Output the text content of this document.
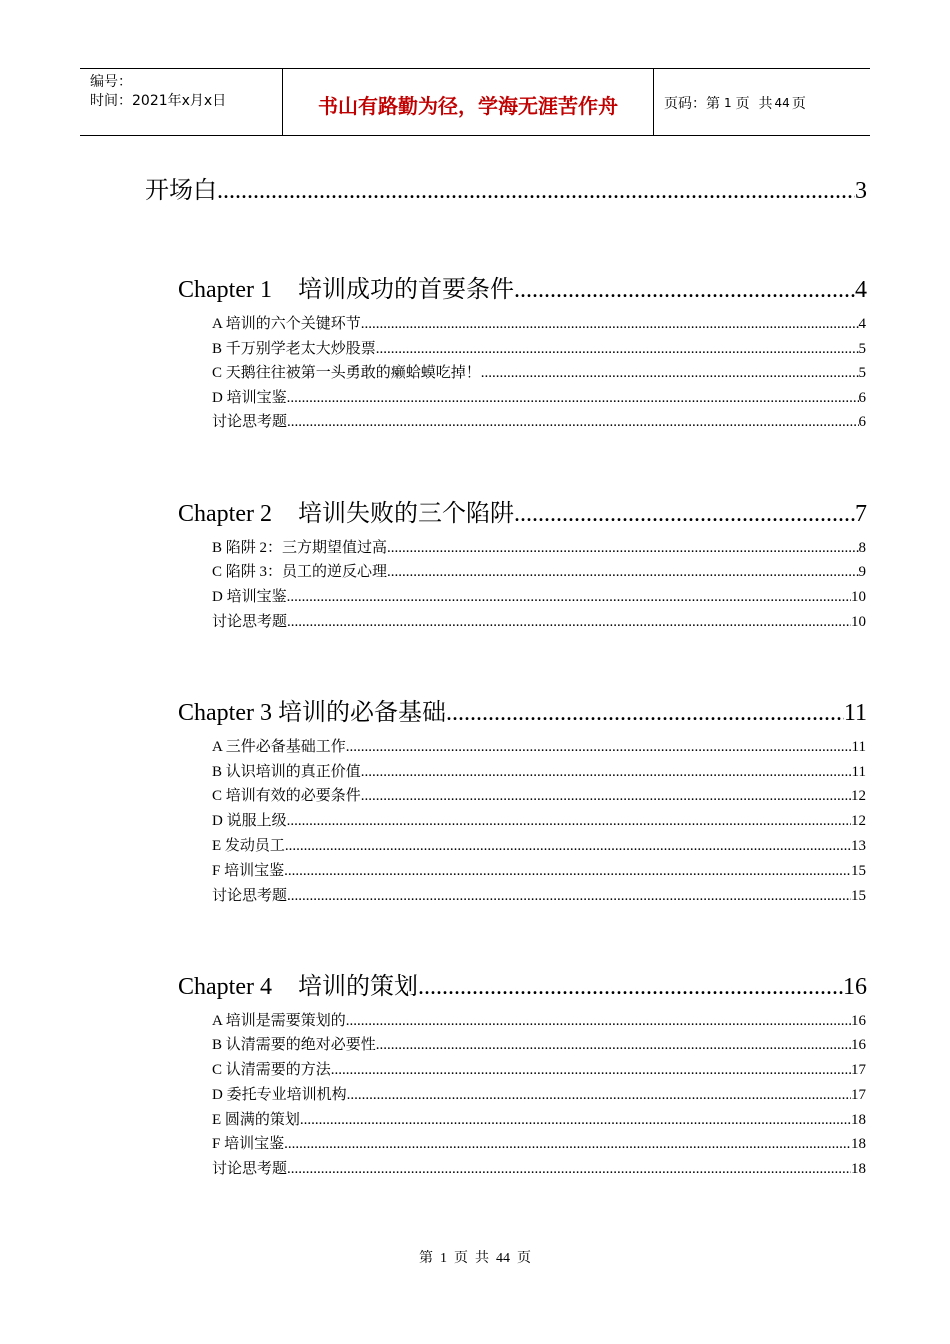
编号：
时间：2021年x月x日	书山有路勤为径，学海无涯苦作舟	页码：第 1 页  共 44 页
开场白 .....	3
Chapter 1 培训成功的首要条件 .....	4
A 培训的六个关键环节 .....	4
B 千万别学老太大炒股票 .....	5
C 天鹅往往被第一头勇敢的癞蛤蟆吃掉！ .....	5
D 培训宝鉴 .....	6
讨论思考题 .....	6
Chapter 2 培训失败的三个陷阱 .....	7
B 陷阱 2：三方期望值过高 .....	8
C 陷阱 3：员工的逆反心理 .....	9
D 培训宝鉴 .....	10
讨论思考题 .....	10
Chapter 3 培训的必备基础 .....	11
A 三件必备基础工作 .....	11
B 认识培训的真正价值 .....	11
C 培训有效的必要条件 .....	12
D 说服上级 .....	12
E 发动员工 .....	13
F 培训宝鉴 .....	15
讨论思考题 .....	15
Chapter 4 培训的策划 .....	16
A 培训是需要策划的 .....	16
B 认清需要的绝对必要性 .....	16
C 认清需要的方法 .....	17
D 委托专业培训机构 .....	17
E 圆满的策划 .....	18
F 培训宝鉴 .....	18
讨论思考题 .....	18
第  1  页  共  44  页
